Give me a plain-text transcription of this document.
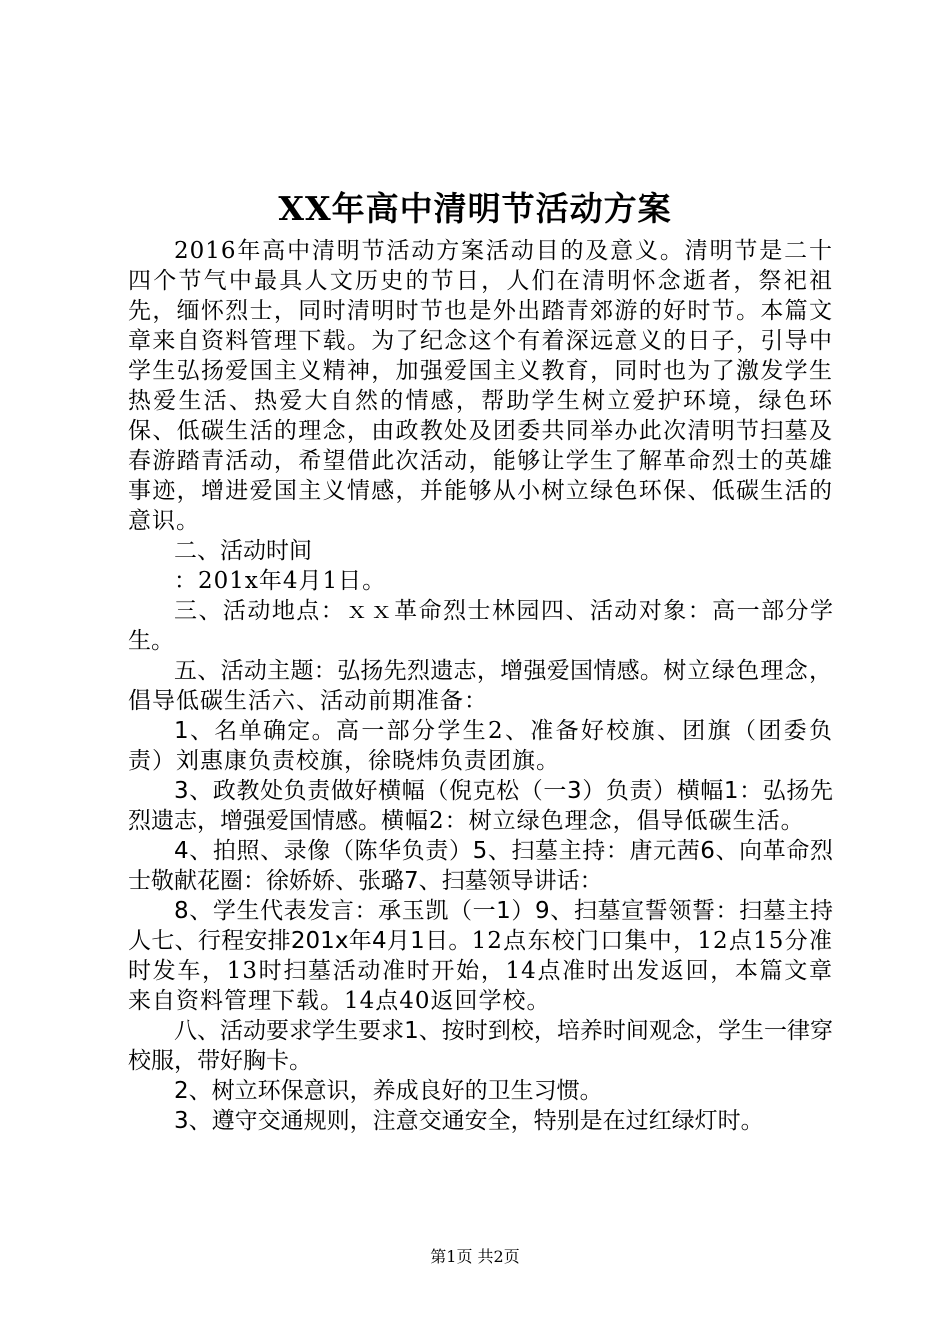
XX年高中清明节活动方案

2016年高中清明节活动方案活动目的及意义。清明节是二十四个节气中最具人文历史的节日，人们在清明怀念逝者，祭祀祖先，缅怀烈士，同时清明时节也是外出踏青郊游的好时节。本篇文章来自资料管理下载。为了纪念这个有着深远意义的日子，引导中学生弘扬爱国主义精神，加强爱国主义教育，同时也为了激发学生热爱生活、热爱大自然的情感，帮助学生树立爱护环境，绿色环保、低碳生活的理念，由政教处及团委共同举办此次清明节扫墓及春游踏青活动，希望借此次活动，能够让学生了解革命烈士的英雄事迹，增进爱国主义情感，并能够从小树立绿色环保、低碳生活的意识。

二、活动时间

：201x年4月1日。

三、活动地点：ｘｘ革命烈士林园四、活动对象：高一部分学生。

五、活动主题：弘扬先烈遗志，增强爱国情感。树立绿色理念，倡导低碳生活六、活动前期准备：

1、名单确定。高一部分学生2、准备好校旗、团旗（团委负责）刘惠康负责校旗，徐晓炜负责团旗。

3、政教处负责做好横幅（倪克松（一3）负责）横幅1：弘扬先烈遗志，增强爱国情感。横幅2：树立绿色理念，倡导低碳生活。

4、拍照、录像（陈华负责）5、扫墓主持：唐元茜6、向革命烈士敬献花圈：徐娇娇、张璐7、扫墓领导讲话：

8、学生代表发言：承玉凯（一1）9、扫墓宣誓领誓：扫墓主持人七、行程安排201x年4月1日。12点东校门口集中，12点15分准时发车，13时扫墓活动准时开始，14点准时出发返回，本篇文章来自资料管理下载。14点40返回学校。

八、活动要求学生要求1、按时到校，培养时间观念，学生一律穿校服，带好胸卡。

2、树立环保意识，养成良好的卫生习惯。

3、遵守交通规则，注意交通安全，特别是在过红绿灯时。

第1页 共2页
